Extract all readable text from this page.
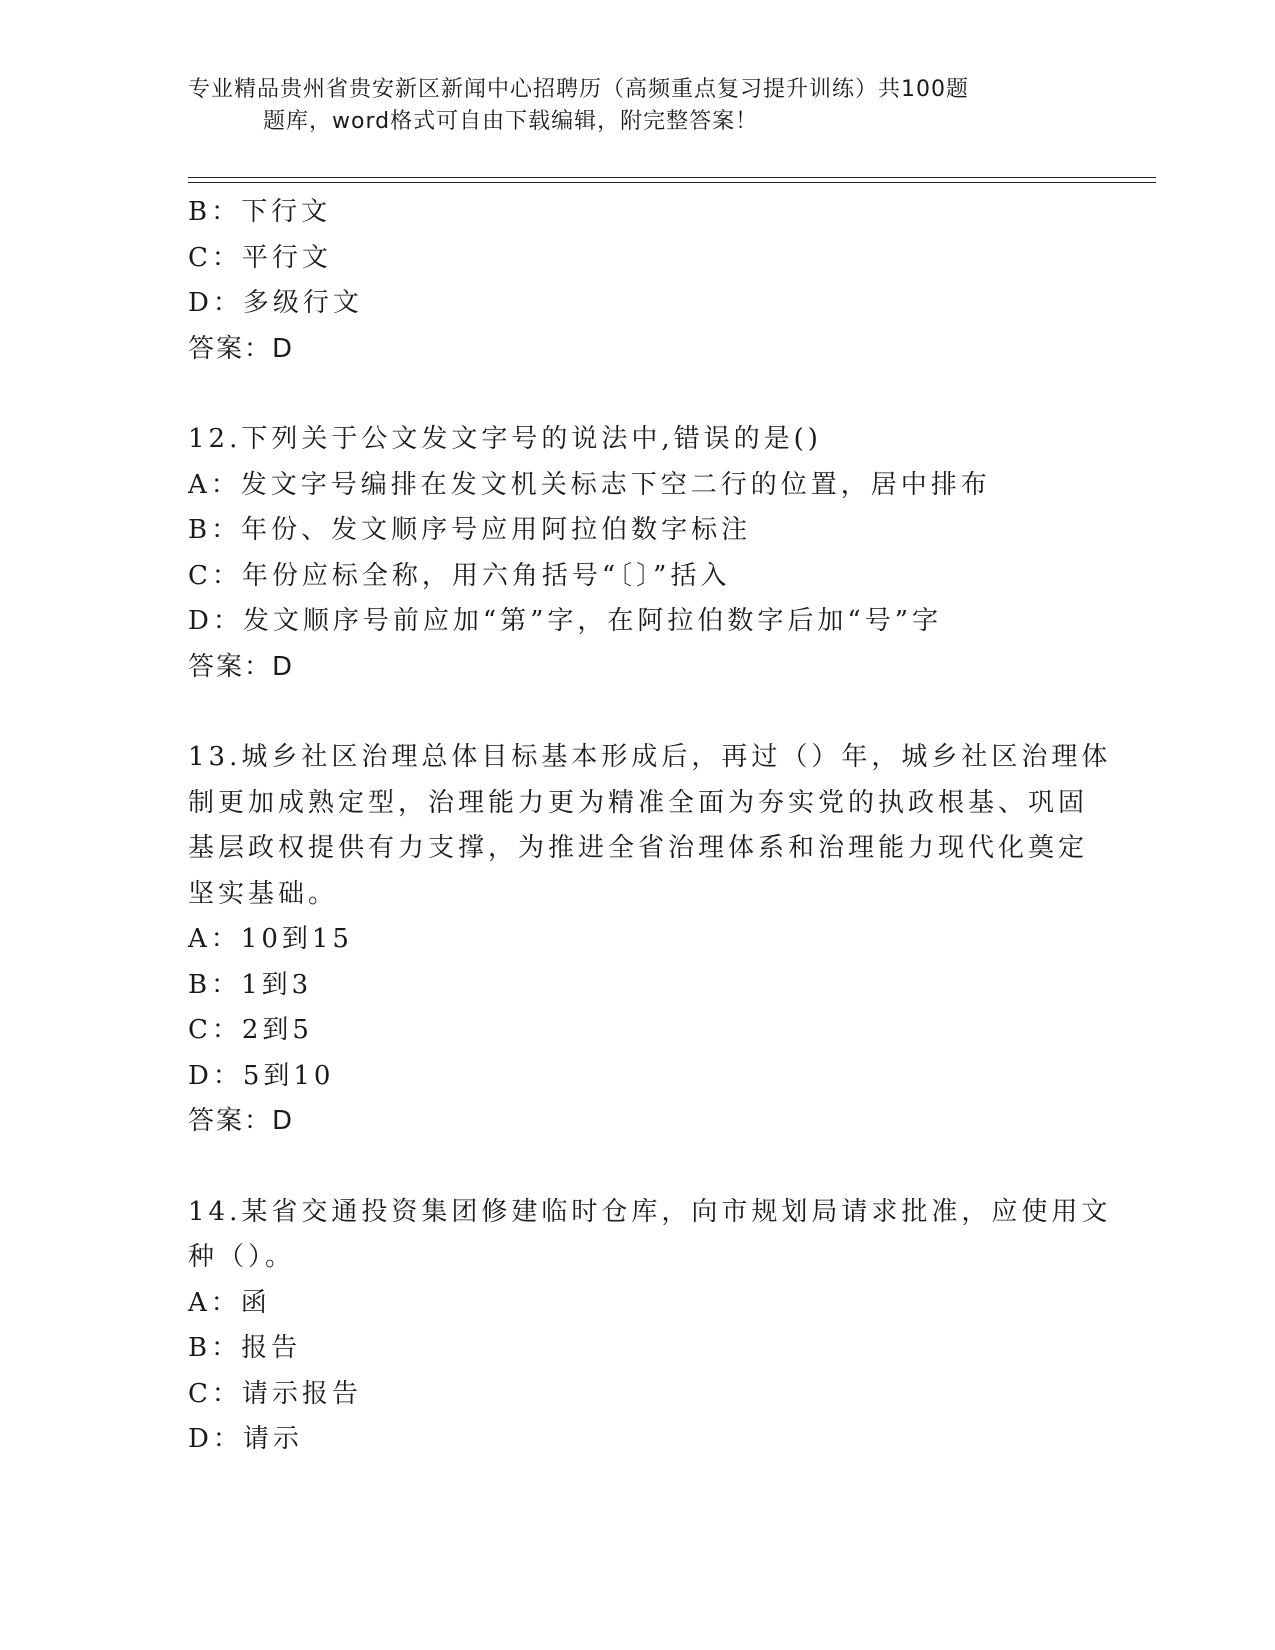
专业精品贵州省贵安新区新闻中心招聘历（高频重点复习提升训练）共100题
题库，word格式可自由下载编辑，附完整答案！
B：下行文
C：平行文
D：多级行文
答案：D
12.下列关于公文发文字号的说法中,错误的是()
A：发文字号编排在发文机关标志下空二行的位置，居中排布
B：年份、发文顺序号应用阿拉伯数字标注
C：年份应标全称，用六角括号“〔〕”括入
D：发文顺序号前应加“第”字，在阿拉伯数字后加“号”字
答案：D
13.城乡社区治理总体目标基本形成后，再过（）年，城乡社区治理体
制更加成熟定型，治理能力更为精准全面为夯实党的执政根基、巩固
基层政权提供有力支撑，为推进全省治理体系和治理能力现代化奠定
坚实基础。
A：10到15
B：1到3
C：2到5
D：5到10
答案：D
14.某省交通投资集团修建临时仓库，向市规划局请求批准，应使用文
种（）。
A：函
B：报告
C：请示报告
D：请示
